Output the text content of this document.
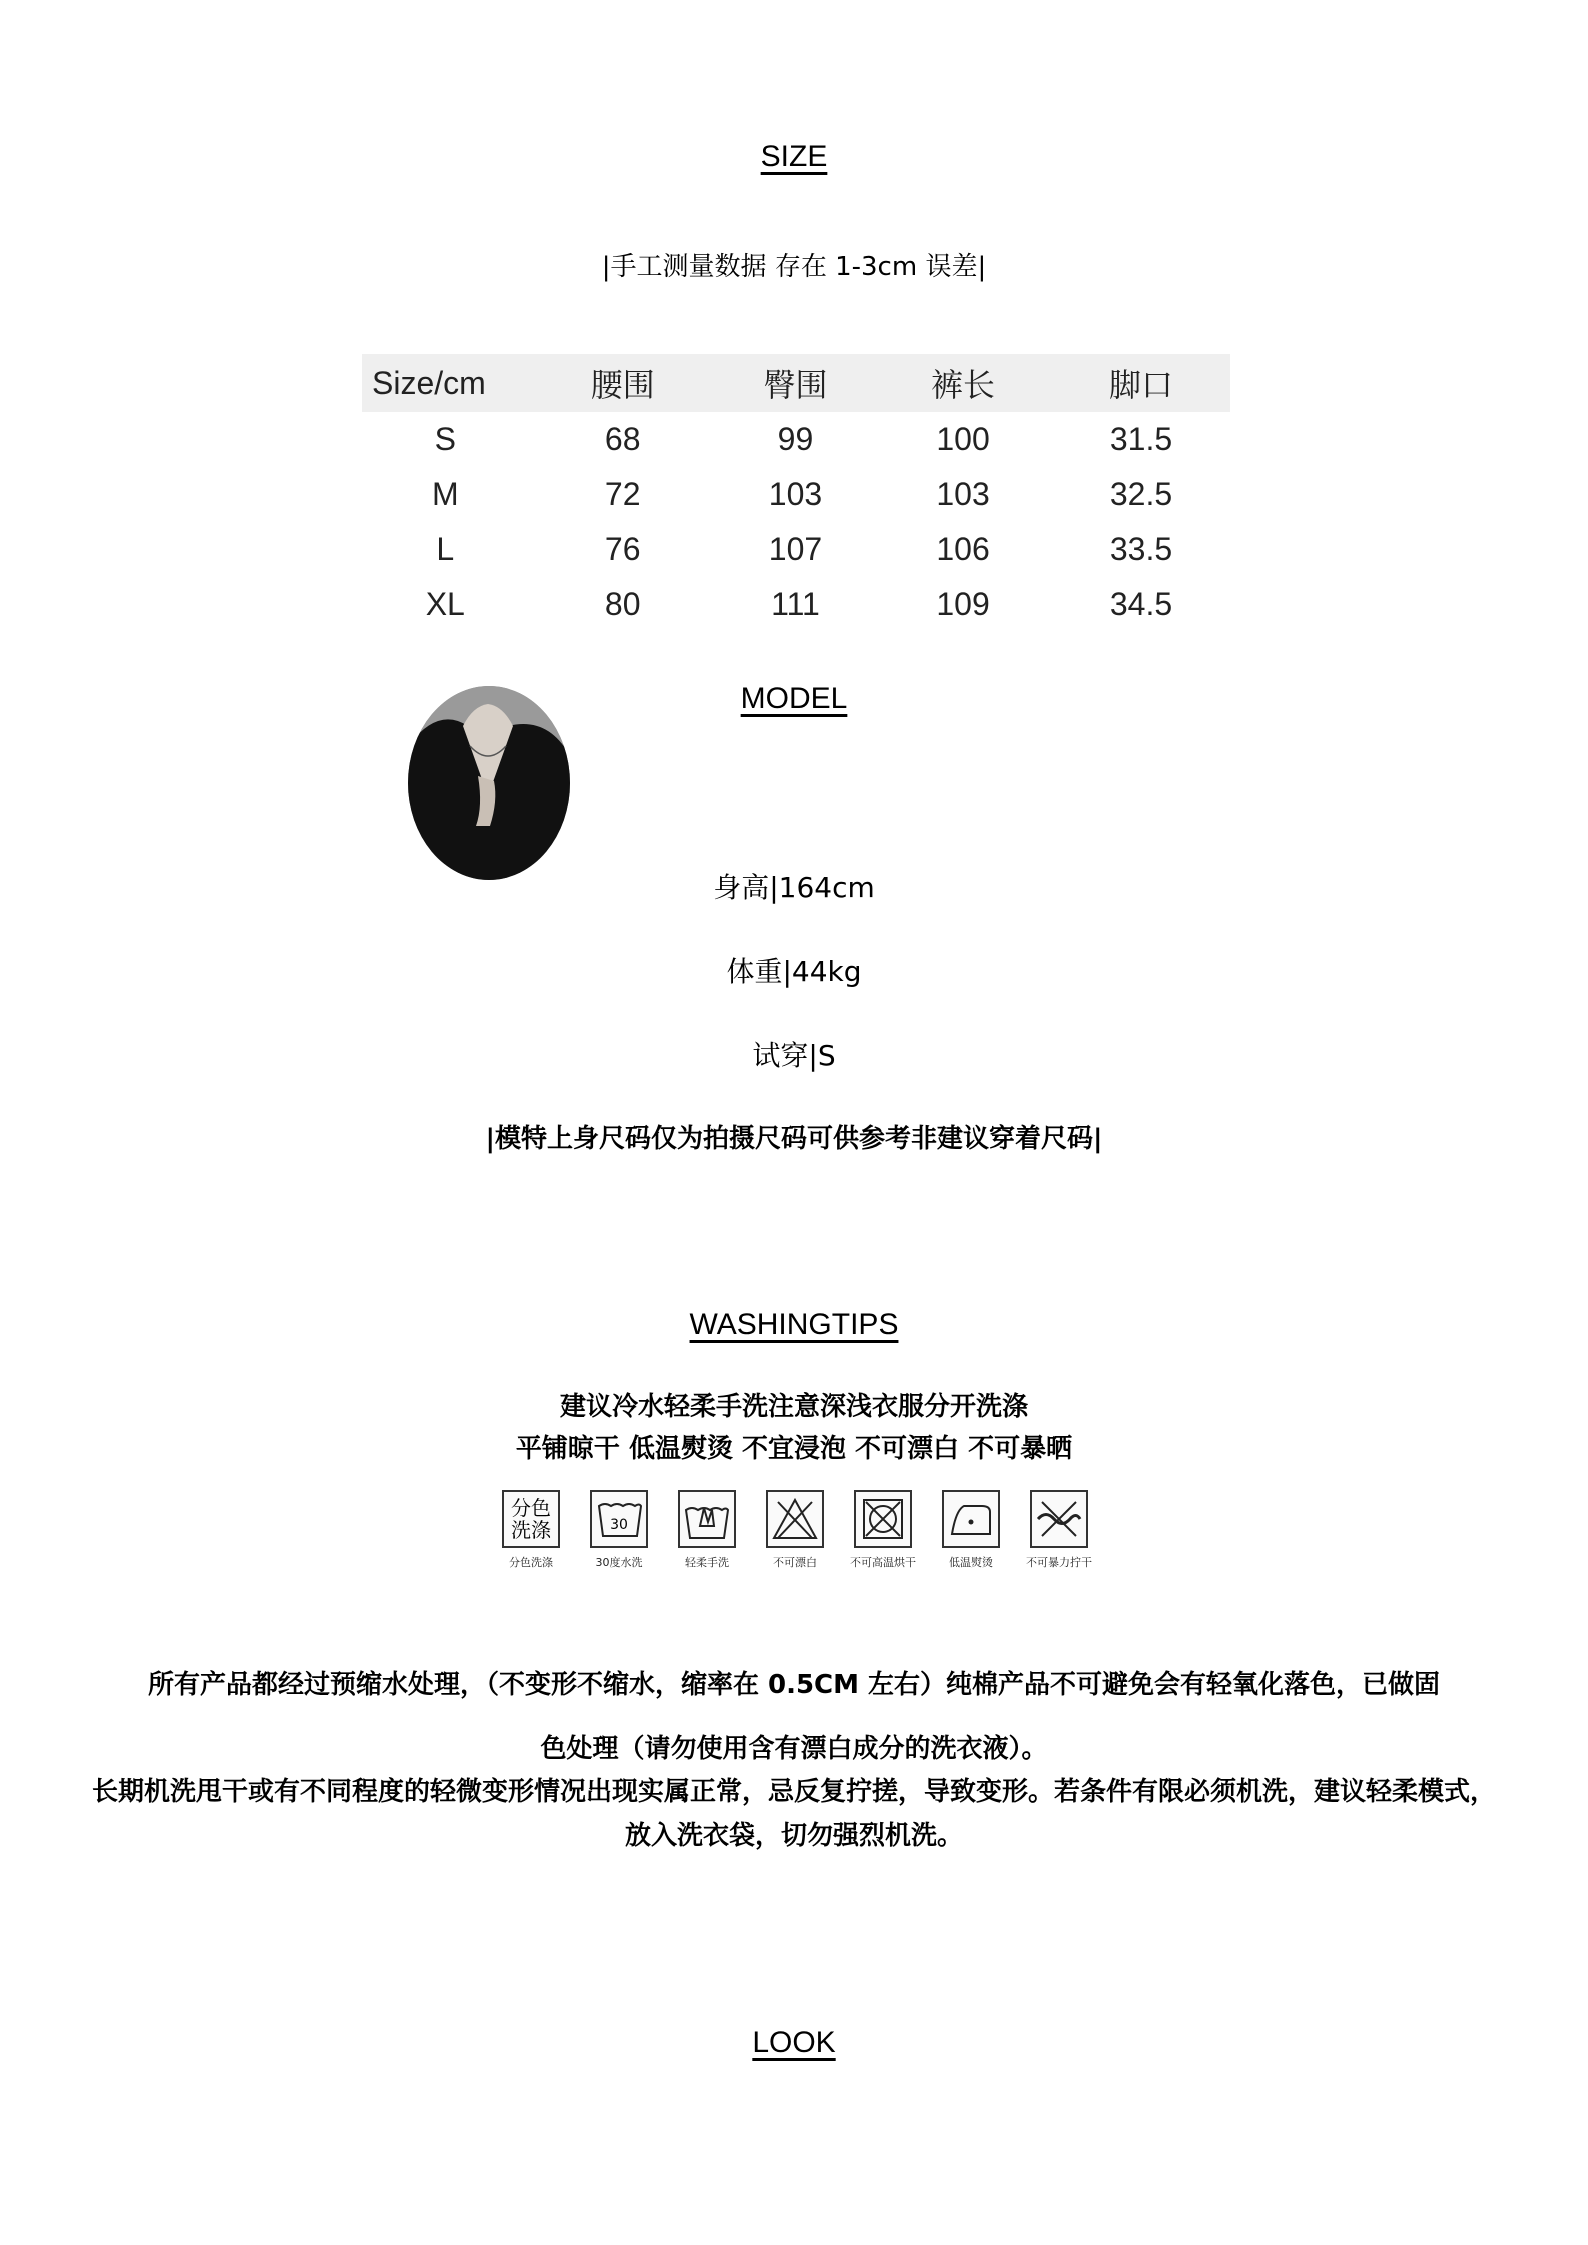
SIZE
|手工测量数据 存在 1-3cm 误差|
Size/cm	腰围	臀围	裤长	脚口
S	68	99	100	31.5
M	72	103	103	32.5
L	76	107	106	33.5
XL	80	111	109	34.5
MODEL
身高|164cm
体重|44kg
试穿|S
|模特上身尺码仅为拍摄尺码可供参考非建议穿着尺码|
WASHINGTIPS
建议冷水轻柔手洗注意深浅衣服分开洗涤
平铺晾干 低温熨烫 不宜浸泡 不可漂白 不可暴晒
分色
洗涤
分色洗涤
30
30度水洗	轻柔手洗	不可漂白	不可高温烘干	低温熨烫	不可暴力拧干
所有产品都经过预缩水处理，（不变形不缩水，缩率在 0.5CM 左右）纯棉产品不可避免会有轻氧化落色，已做固
色处理（请勿使用含有漂白成分的洗衣液）。
长期机洗甩干或有不同程度的轻微变形情况出现实属正常，忌反复拧搓，导致变形。若条件有限必须机洗，建议轻柔模式，放入洗衣袋，切勿强烈机洗。
LOOK
